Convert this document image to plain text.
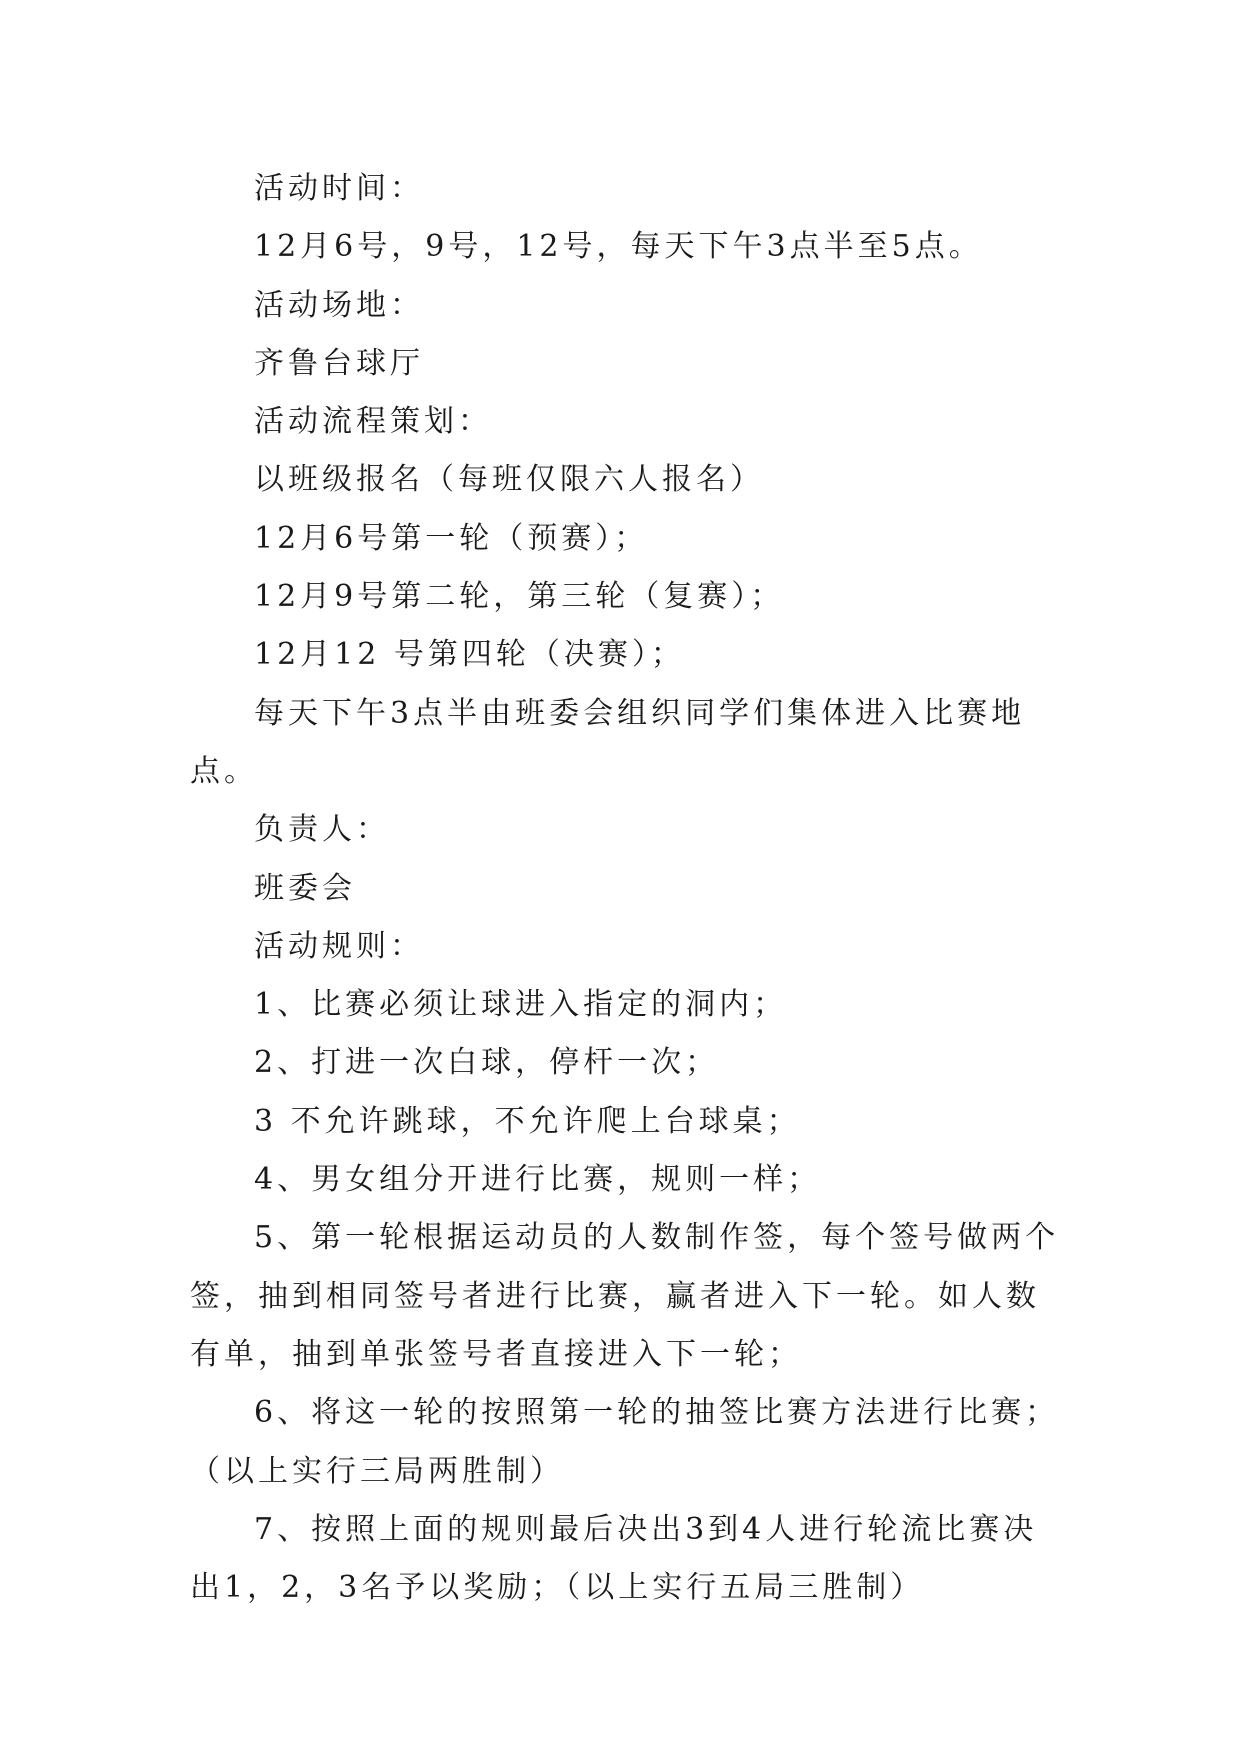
活动时间：

12月6号，9号，12号，每天下午3点半至5点。

活动场地：

齐鲁台球厅

活动流程策划：

以班级报名（每班仅限六人报名）

12月6号第一轮（预赛）；

12月9号第二轮，第三轮（复赛）；

12月12 号第四轮（决赛）；

每天下午3点半由班委会组织同学们集体进入比赛地点。

负责人：

班委会

活动规则：

1、比赛必须让球进入指定的洞内；

2、打进一次白球，停杆一次；

3 不允许跳球，不允许爬上台球桌；

4、男女组分开进行比赛，规则一样；

5、第一轮根据运动员的人数制作签，每个签号做两个签，抽到相同签号者进行比赛，赢者进入下一轮。如人数有单，抽到单张签号者直接进入下一轮；

6、将这一轮的按照第一轮的抽签比赛方法进行比赛；（以上实行三局两胜制）

7、按照上面的规则最后决出3到4人进行轮流比赛决出1，2，3名予以奖励；（以上实行五局三胜制）
